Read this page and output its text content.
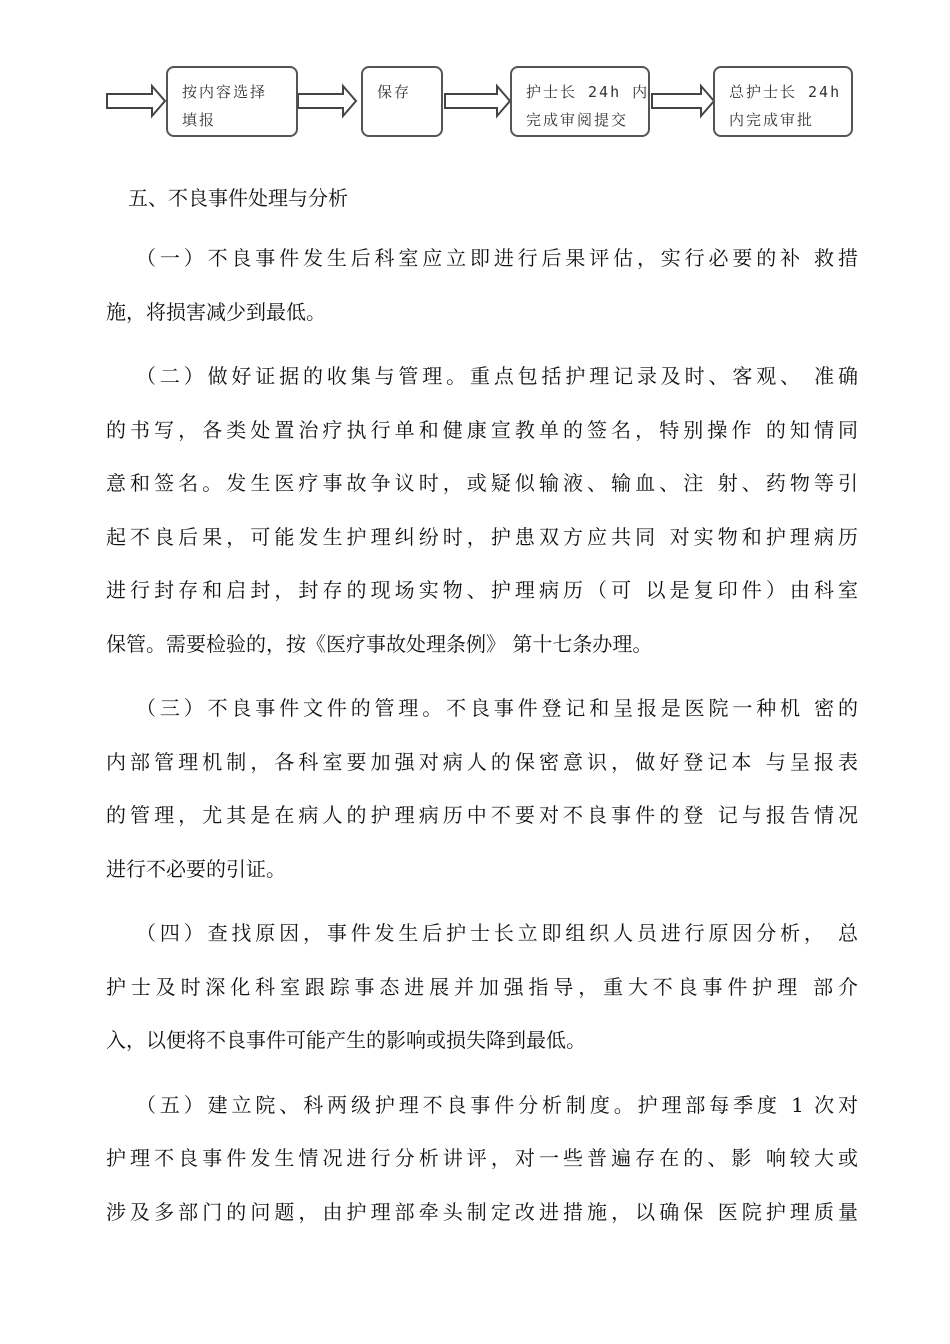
按内容选择
填报
保存	护士长 24h 内
完成审阅提交
总护士长 24h
内完成审批
五、不良事件处理与分析
（一）不良事件发生后科室应立即进行后果评估，实行必要的补 救措
施，将损害减少到最低。
（二）做好证据的收集与管理。重点包括护理记录及时、客观、 准确
的书写，各类处置治疗执行单和健康宣教单的签名，特别操作 的知情同
意和签名。发生医疗事故争议时，或疑似输液、输血、注 射、药物等引
起不良后果，可能发生护理纠纷时，护患双方应共同 对实物和护理病历
进行封存和启封，封存的现场实物、护理病历（可 以是复印件）由科室
保管。需要检验的，按《医疗事故处理条例》 第十七条办理。
（三）不良事件文件的管理。不良事件登记和呈报是医院一种机 密的
内部管理机制，各科室要加强对病人的保密意识，做好登记本 与呈报表
的管理，尤其是在病人的护理病历中不要对不良事件的登 记与报告情况
进行不必要的引证。
（四）查找原因，事件发生后护士长立即组织人员进行原因分析， 总
护士及时深化科室跟踪事态进展并加强指导，重大不良事件护理 部介
入，以便将不良事件可能产生的影响或损失降到最低。
（五）建立院、科两级护理不良事件分析制度。护理部每季度 1 次对
护理不良事件发生情况进行分析讲评，对一些普遍存在的、影 响较大或
涉及多部门的问题，由护理部牵头制定改进措施，以确保 医院护理质量
